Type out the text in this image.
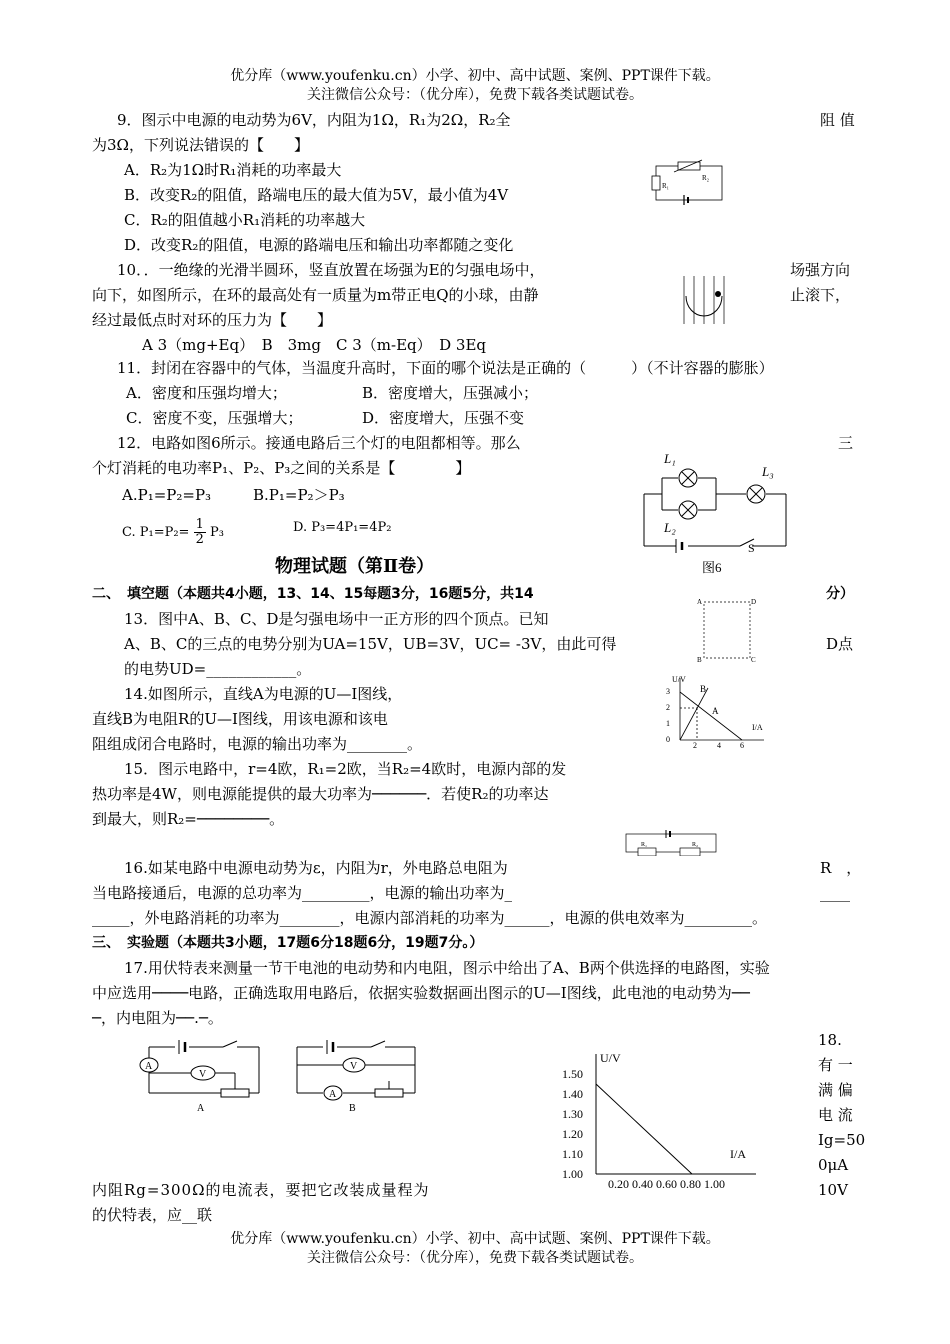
优分库（www.youfenku.cn）小学、初中、高中试题、案例、PPT课件下载。
关注微信公众号：（优分库），免费下载各类试题试卷。
9．图示中电源的电动势为6V，内阻为1Ω，R₁为2Ω，R₂全	阻 值
为3Ω，下列说法错误的【　　】
A．R₂为1Ω时R₁消耗的功率最大
B．改变R₂的阻值，路端电压的最大值为5V，最小值为4V
C．R₂的阻值越小R₁消耗的功率越大
D．改变R₂的阻值，电源的路端电压和输出功率都随之变化
R₂
R₁
10．．一绝缘的光滑半圆环，竖直放置在场强为E的匀强电场中，	场强方向
向下，如图所示，在环的最高处有一质量为m带正电Q的小球，由静	止滚下，
经过最低点时对环的压力为【　　】
A 3（mg+Eq）　B　3mg　C 3（m-Eq）　D 3Eq
11．封闭在容器中的气体，当温度升高时，下面的哪个说法是正确的（　　　）（不计容器的膨胀）
A．密度和压强均增大；	B．密度增大，压强减小；
C．密度不变，压强增大；	D．密度增大，压强不变
12．电路如图6所示。接通电路后三个灯的电阻都相等。那么	三
个灯消耗的电功率P₁、P₂、P₃之间的关系是【　　　　】
A.P₁=P₂=P₃	B.P₁=P₂＞P₃
C. $P_1=P_2= \frac{1}{2} P_3$	D. P₃=4P₁=4P₂
L₁
L₂
L₃
S
图6
物理试题（第Ⅱ卷）
二、　填空题（本题共4小题，13、14、15每题3分，16题5分，共14	分）
13．图中A、B、C、D是匀强电场中一正方形的四个顶点。已知
A、B、C的三点的电势分别为UA=15V，UB=3V，UC= -3V，由此可得	D点
的电势UD=____________。
A	D
B	C
14.如图所示，直线A为电源的U—I图线，
直线B为电阻R的U—I图线，用该电源和该电
阻组成闭合电路时，电源的输出功率为________。
U/V
I/A
3
2
1
0
2	4 6
A
B
15．图示电路中，r=4欧，R₁=2欧，当R₂=4欧时，电源内部的发
热功率是4W，则电源能提供的最大功率为──────．若使R₂的功率达
到最大，则R₂=────────。
R₁	R₂
16.如某电路中电源电动势为ε，内阻为r，外电路总电阻为	R　，
当电路接通后，电源的总功率为_________，电源的输出功率为_	____
_____，外电路消耗的功率为________，电源内部消耗的功率为______，电源的供电效率为_________。
三、　实验题（本题共3小题，17题6分18题6分，19题7分。）
17.用伏特表来测量一节干电池的电动势和内电阻，图示中给出了A、B两个供选择的电路图，实验
中应选用────电路，正确选取用电路后，依据实验数据画出图示的U—I图线，此电池的电动势为──
─，内电阻为──.─。
A
V
A
A
V
B
U/V
I/A
1.50
1.40
1.30
1.20
1.10
1.00
0.20 0.40 0.60 0.80 1.00
18.
有 一
满 偏
电 流
Ig=50
0μA
10V
内阻Rg=300Ω的电流表，要把它改装成量程为
的伏特表，应__联
优分库（www.youfenku.cn）小学、初中、高中试题、案例、PPT课件下载。
关注微信公众号：（优分库），免费下载各类试题试卷。
